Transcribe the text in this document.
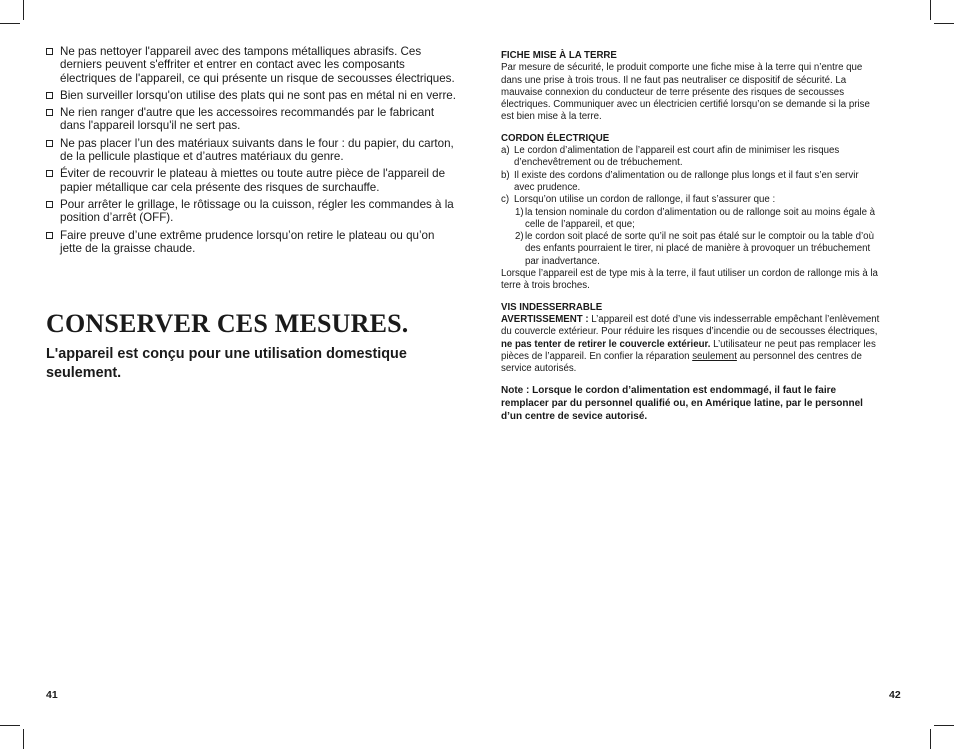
Ne pas nettoyer l'appareil avec des tampons métalliques abrasifs. Ces derniers peuvent s'effriter et entrer en contact avec les composants électriques de l'appareil, ce qui présente un risque de secousses électriques.
Bien surveiller lorsqu'on utilise des plats qui ne sont pas en métal ni en verre.
Ne rien ranger d'autre que les accessoires recommandés par le fabricant dans l'appareil lorsqu'il ne sert pas.
Ne pas placer l’un des matériaux suivants dans le four : du papier, du carton, de la pellicule plastique et d’autres matériaux du genre.
Éviter de recouvrir le plateau à miettes ou toute autre pièce de l'appareil de papier métallique car cela présente des risques de surchauffe.
Pour arrêter le grillage, le rôtissage ou la cuisson, régler les commandes à la position d’arrêt (OFF).
Faire preuve d’une extrême prudence lorsqu’on retire le plateau ou qu’on jette de la graisse chaude.
CONSERVER CES MESURES.

L'appareil est conçu pour une utilisation domestique seulement.

41
FICHE MISE À LA TERRE

Par mesure de sécurité, le produit comporte une fiche mise à la terre qui n’entre que dans une prise à trois trous. Il ne faut pas neutraliser ce dispositif de sécurité. La mauvaise connexion du conducteur de terre présente des risques de secousses électriques. Communiquer avec un électricien certifié lorsqu’on se demande si la prise est bien mise à la terre.

CORDON ÉLECTRIQUE
a) Le cordon d’alimentation de l’appareil est court afin de minimiser les risques d’enchevêtrement ou de trébuchement.
b) Il existe des cordons d’alimentation ou de rallonge plus longs et il faut s’en servir avec prudence.
c) Lorsqu’on utilise un cordon de rallonge, il faut s’assurer que :
1) la tension nominale du cordon d’alimentation ou de rallonge soit au moins égale à celle de l’appareil, et que;
2) le cordon soit placé de sorte qu’il ne soit pas étalé sur le comptoir ou la table d’où des enfants pourraient le tirer, ni placé de manière à provoquer un trébuchement par inadvertance.

Lorsque l’appareil est de type mis à la terre, il faut utiliser un cordon de rallonge mis à la terre à trois broches.

VIS INDESSERRABLE

AVERTISSEMENT : L’appareil est doté d’une vis indesserrable empêchant l’enlèvement du couvercle extérieur. Pour réduire les risques d’incendie ou de secousses électriques, ne pas tenter de retirer le couvercle extérieur. L’utilisateur ne peut pas remplacer les pièces de l’appareil. En confier la réparation seulement au personnel des centres de service autorisés.

Note : Lorsque le cordon d’alimentation est endommagé, il faut le faire remplacer par du personnel qualifié ou, en Amérique latine, par le personnel d’un centre de sevice autorisé.

42
